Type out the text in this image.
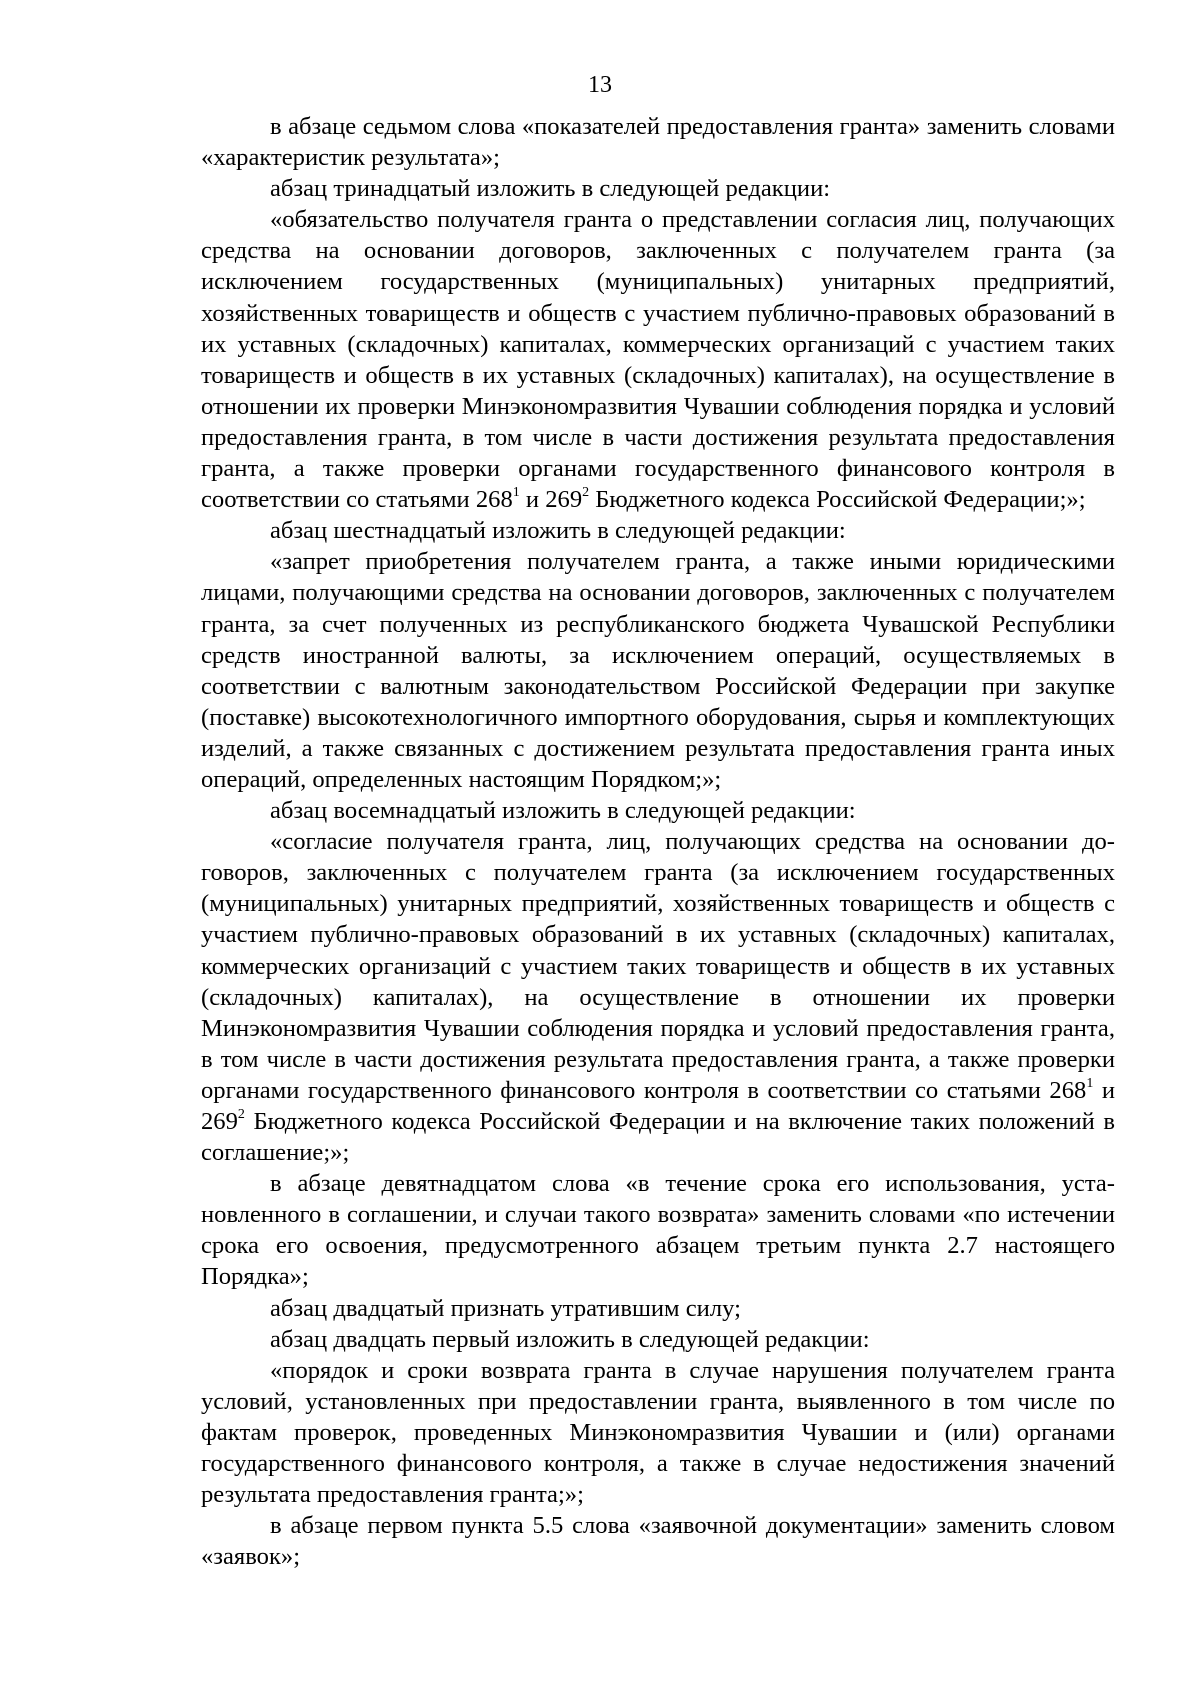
13

в абзаце седьмом слова «показателей предоставления гранта» заменить словами «характеристик результата»;

абзац тринадцатый изложить в следующей редакции:

«обязательство получателя гранта о представлении согласия лиц, получающих средства на основании договоров, заключенных с получателем гранта (за исключением государственных (муниципальных) унитарных предприятий, хозяйственных товариществ и обществ с участием публично-правовых образований в их уставных (складочных) капиталах, коммерческих организаций с участием таких товариществ и обществ в их уставных (складочных) капиталах), на осуществление в отношении их проверки Минэкономразвития Чувашии соблюдения порядка и условий предоставления гранта, в том числе в части достижения результата предоставления гранта, а также проверки органами государственного финансового контроля в соответствии со статьями $268^1$ и $269^2$ Бюджетного кодекса Российской Федерации;»;

абзац шестнадцатый изложить в следующей редакции:

«запрет приобретения получателем гранта, а также иными юридическими лицами, получающими средства на основании договоров, заключенных с получателем гранта, за счет полученных из республиканского бюджета Чувашской Республики средств иностранной валюты, за исключением операций, осуществляемых в соответствии с валютным законодательством Российской Федерации при закупке (поставке) высокотехнологичного импортного оборудования, сырья и комплектующих изделий, а также связанных с достижением результата предоставления гранта иных операций, определенных настоящим Порядком;»;

абзац восемнадцатый изложить в следующей редакции:

«согласие получателя гранта, лиц, получающих средства на основании договоров, заключенных с получателем гранта (за исключением государственных (муниципальных) унитарных предприятий, хозяйственных товариществ и обществ с участием публично-правовых образований в их уставных (складочных) капиталах, коммерческих организаций с участием таких товариществ и обществ в их уставных (складочных) капиталах), на осуществление в отношении их проверки Минэкономразвития Чувашии соблюдения порядка и условий предоставления гранта, в том числе в части достижения результата предоставления гранта, а также проверки органами государственного финансового контроля в соответствии со статьями $268^1$ и $269^2$ Бюджетного кодекса Российской Федерации и на включение таких положений в соглашение;»;

в абзаце девятнадцатом слова «в течение срока его использования, установленного в соглашении, и случаи такого возврата» заменить словами «по истечении срока его освоения, предусмотренного абзацем третьим пункта 2.7 настоящего Порядка»;

абзац двадцатый признать утратившим силу;

абзац двадцать первый изложить в следующей редакции:

«порядок и сроки возврата гранта в случае нарушения получателем гранта условий, установленных при предоставлении гранта, выявленного в том числе по фактам проверок, проведенных Минэкономразвития Чувашии и (или) органами государственного финансового контроля, а также в случае недостижения значений результата предоставления гранта;»;

в абзаце первом пункта 5.5 слова «заявочной документации» заменить словом «заявок»;
